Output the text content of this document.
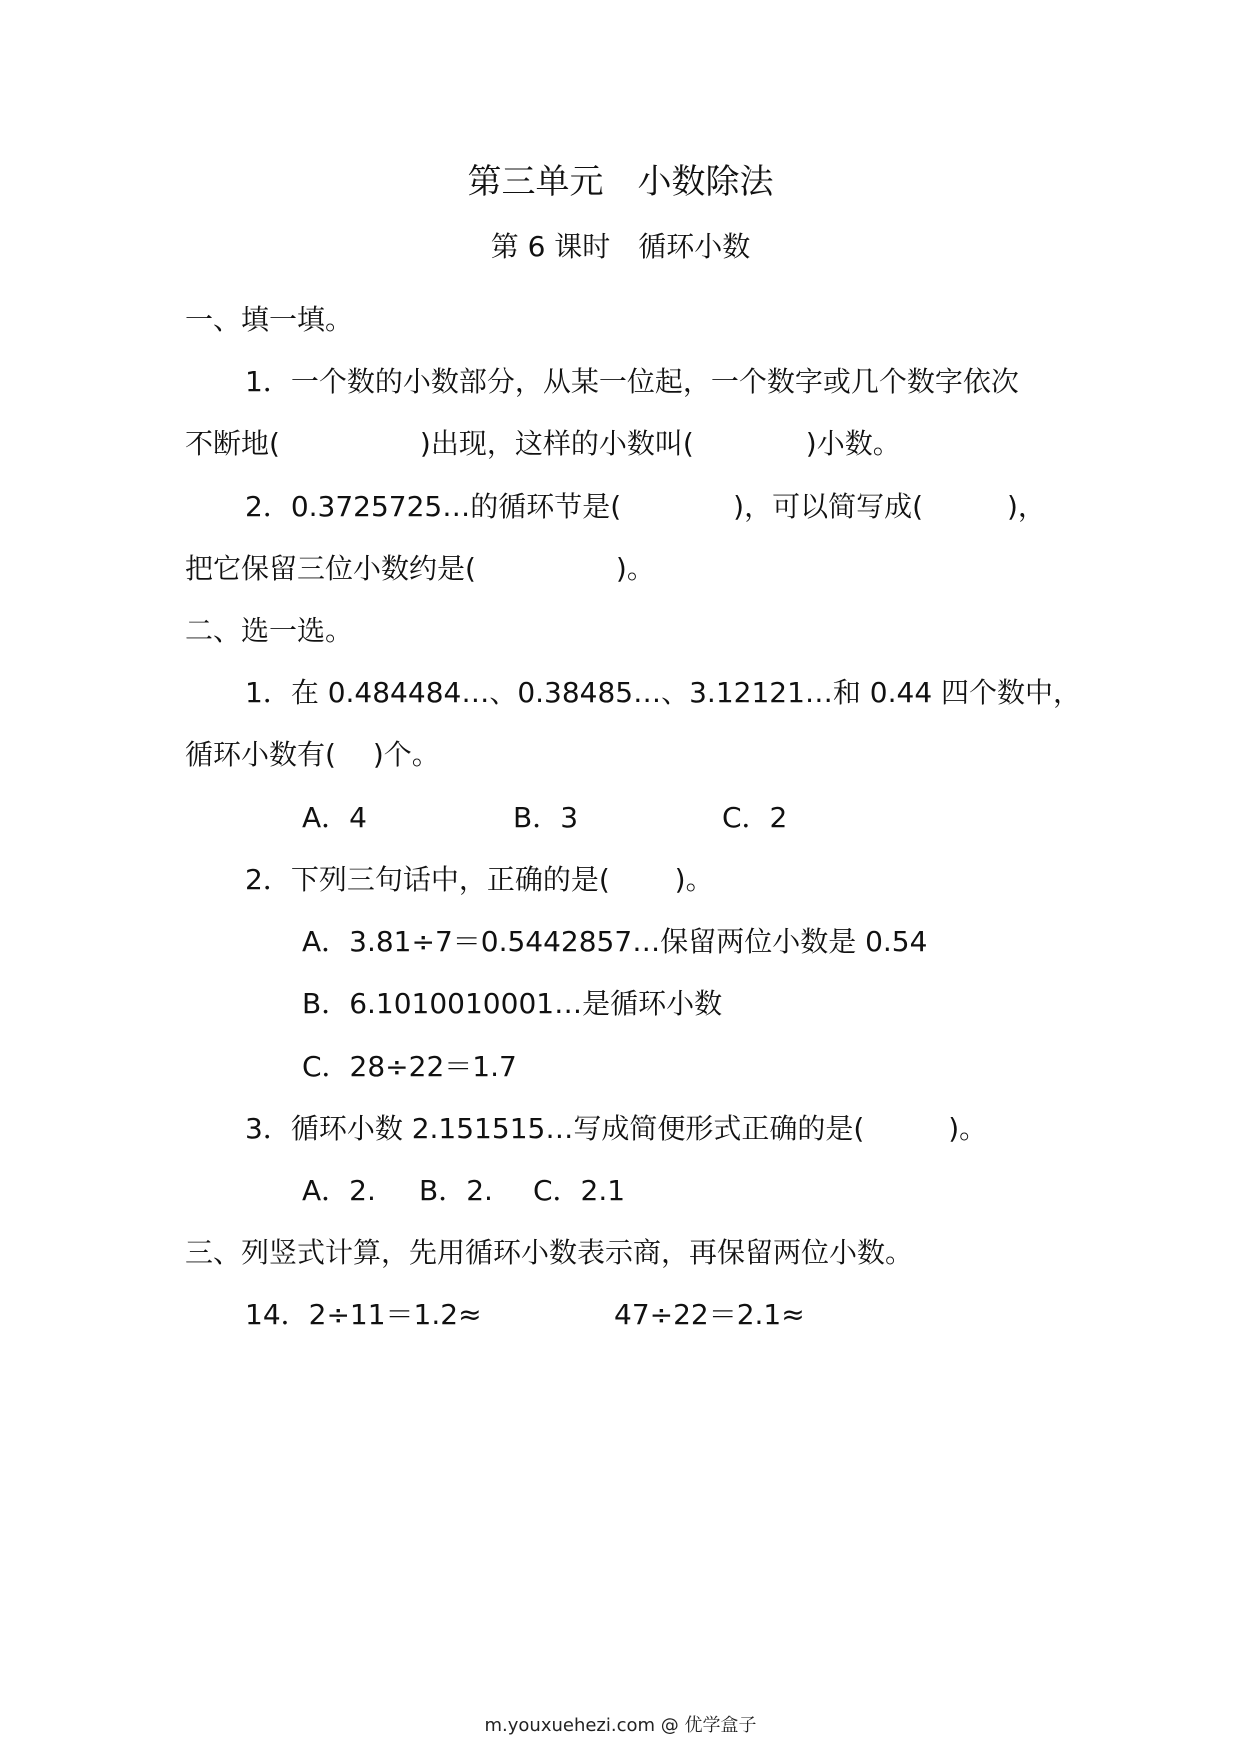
第三单元　小数除法
第 6 课时　循环小数
一、填一填。
1．一个数的小数部分，从某一位起，一个数字或几个数字依次
不断地(　　　　　)出现，这样的小数叫(　　　　)小数。
2．0.3725725…的循环节是(　　　　)，可以简写成(　　　)，
把它保留三位小数约是(　　　　　)。
二、选一选。
1．在 0.484484…、0.38485…、3.12121…和 0.44 四个数中，
循环小数有(　 )个。
A．4	B．3	C．2
2．下列三句话中，正确的是(　　 )。
A．3.81÷7＝0.5442857…保留两位小数是 0.54
B．6.1010010001…是循环小数
C．28÷22＝1.7
3．循环小数 2.151515…写成简便形式正确的是(　　　)。
A．2. B．2. C．2.1
三、列竖式计算，先用循环小数表示商，再保留两位小数。
14．2÷11＝1.2≈	47÷22＝2.1≈
m.youxuehezi.com @ 优学盒子
